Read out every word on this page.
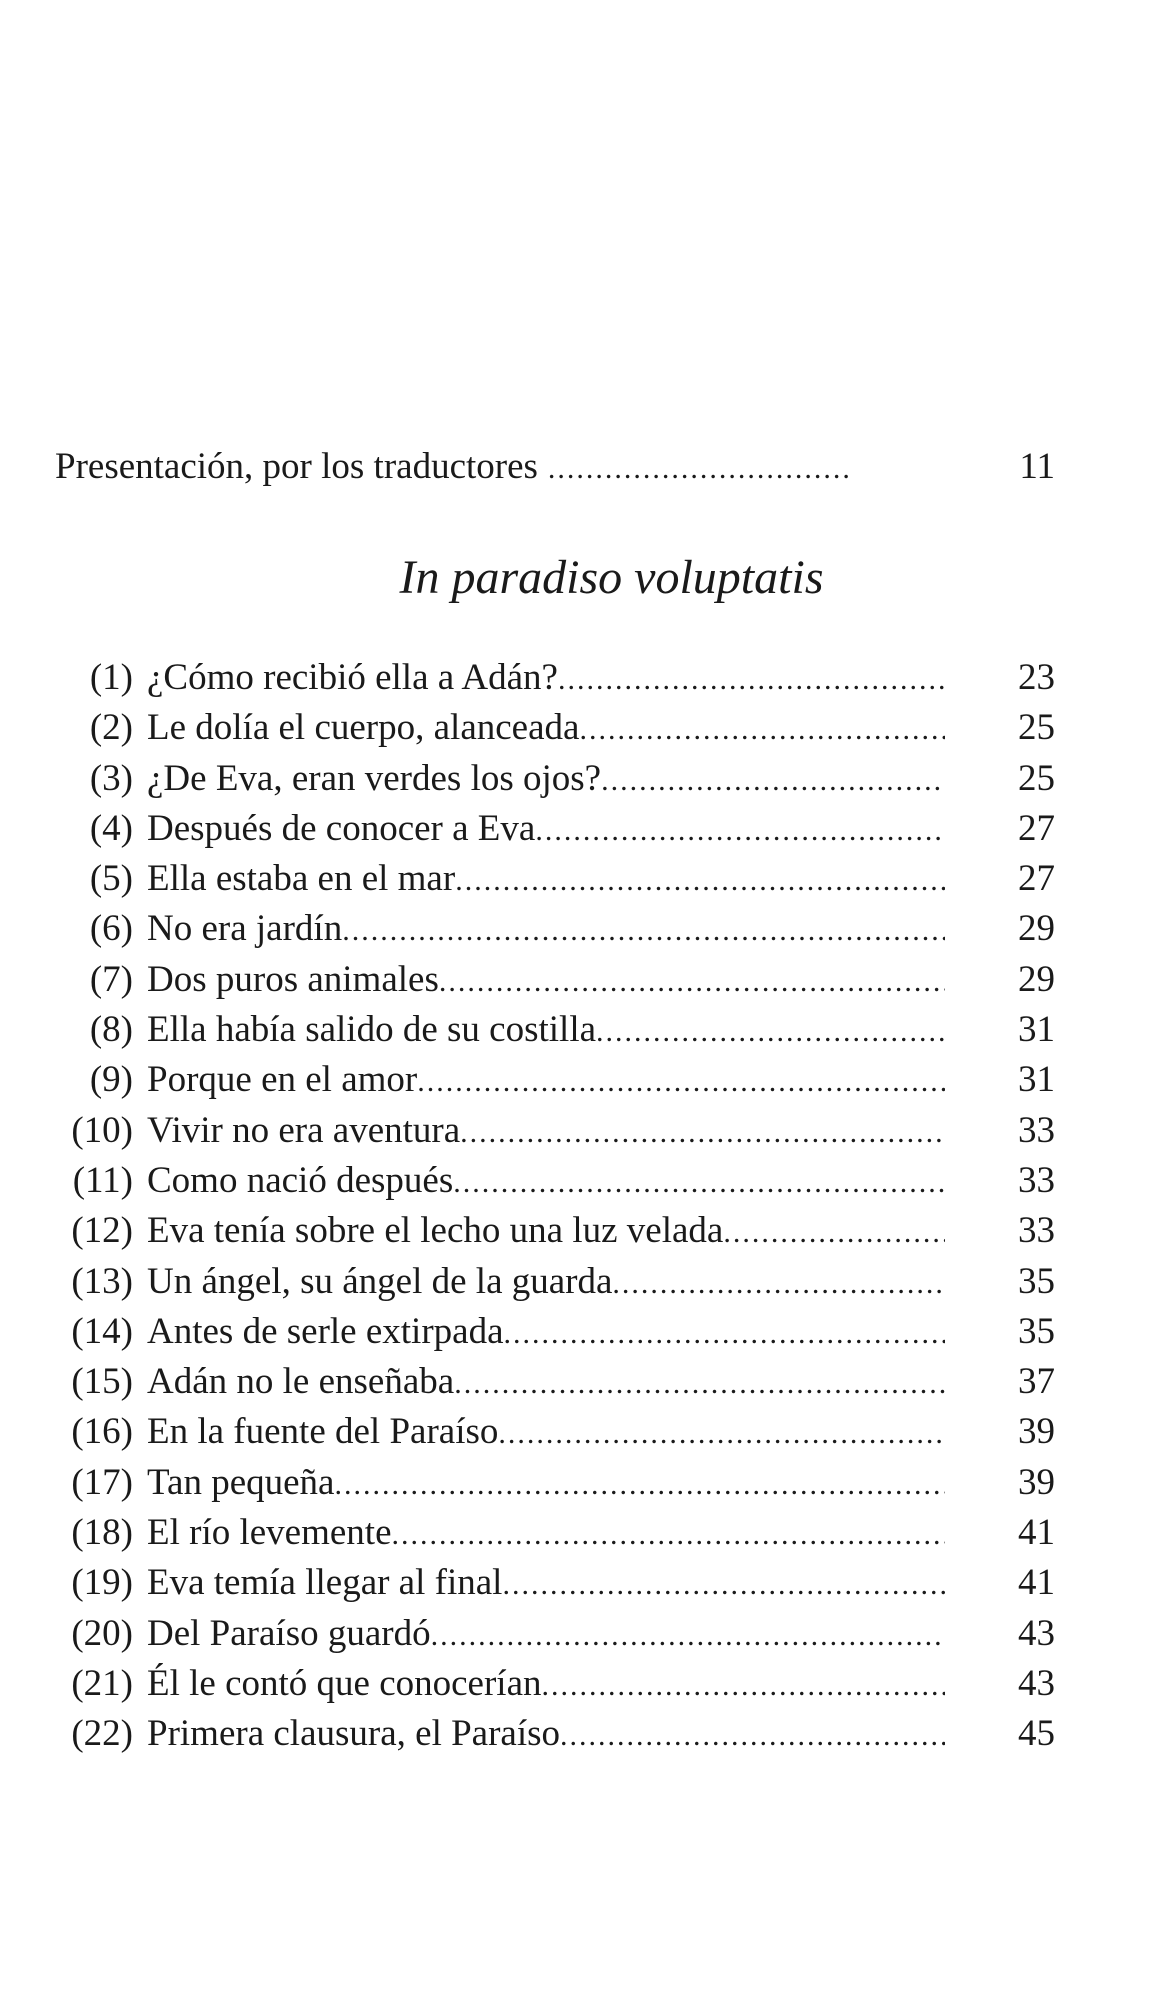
Presentación, por los traductores .....	11
In paradiso voluptatis
(1) ¿Cómo recibió ella a Adán? .....	23
(2) Le dolía el cuerpo, alanceada .....	25
(3) ¿De Eva, eran verdes los ojos? .....	25
(4) Después de conocer a Eva .....	27
(5) Ella estaba en el mar .....	27
(6) No era jardín .....	29
(7) Dos puros animales .....	29
(8) Ella había salido de su costilla .....	31
(9) Porque en el amor .....	31
(10) Vivir no era aventura .....	33
(11) Como nació después .....	33
(12) Eva tenía sobre el lecho una luz velada .....	33
(13) Un ángel, su ángel de la guarda .....	35
(14) Antes de serle extirpada .....	35
(15) Adán no le enseñaba .....	37
(16) En la fuente del Paraíso .....	39
(17) Tan pequeña .....	39
(18) El río levemente .....	41
(19) Eva temía llegar al final .....	41
(20) Del Paraíso guardó .....	43
(21) Él le contó que conocerían .....	43
(22) Primera clausura, el Paraíso .....	45
